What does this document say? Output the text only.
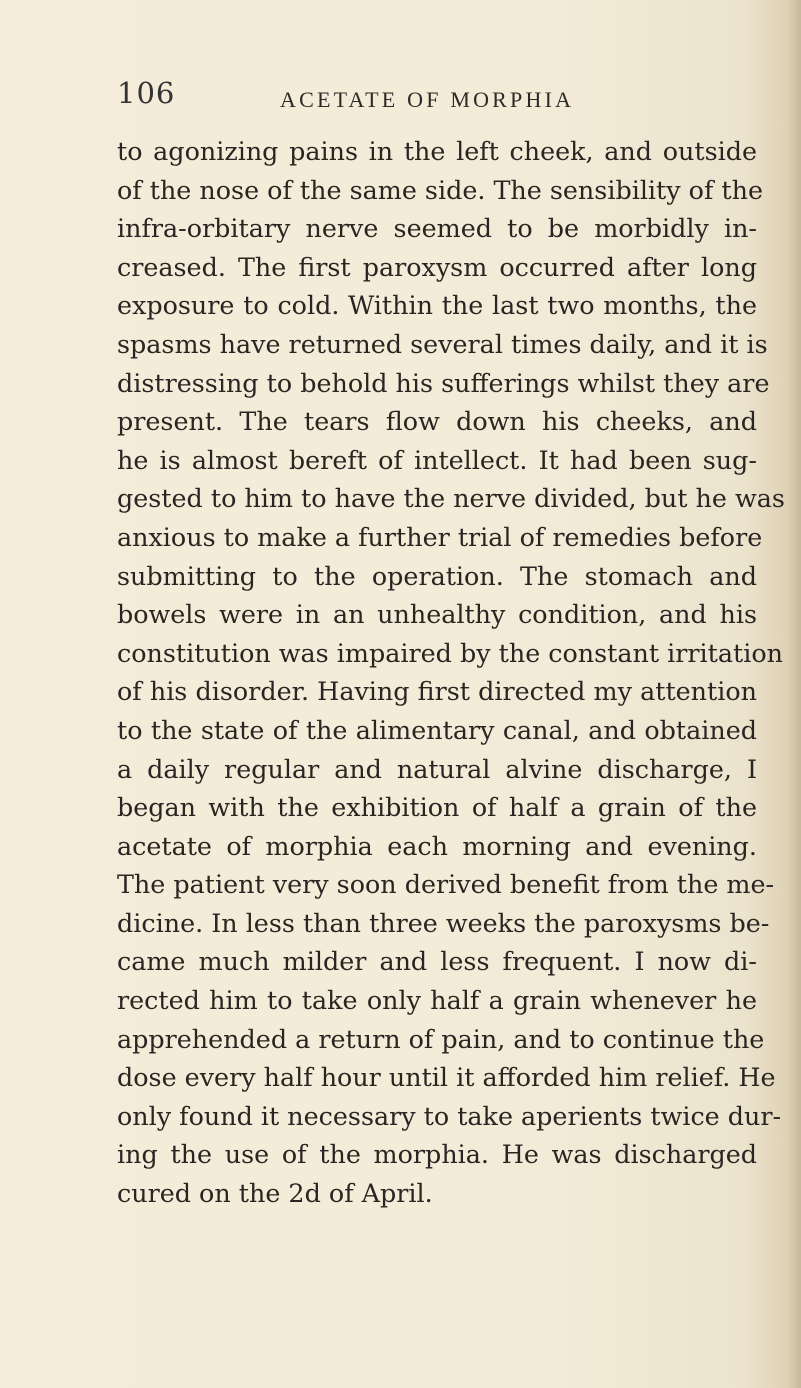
106	ACETATE OF MORPHIA
to agonizing pains in the left cheek, and outside
of the nose of the same side. The sensibility of the
infra-orbitary nerve seemed to be morbidly in-
creased. The first paroxysm occurred after long
exposure to cold. Within the last two months, the
spasms have returned several times daily, and it is
distressing to behold his sufferings whilst they are
present. The tears flow down his cheeks, and
he is almost bereft of intellect. It had been sug-
gested to him to have the nerve divided, but he was
anxious to make a further trial of remedies before
submitting to the operation. The stomach and
bowels were in an unhealthy condition, and his
constitution was impaired by the constant irritation
of his disorder. Having first directed my attention
to the state of the alimentary canal, and obtained
a daily regular and natural alvine discharge, I
began with the exhibition of half a grain of the
acetate of morphia each morning and evening.
The patient very soon derived benefit from the me-
dicine. In less than three weeks the paroxysms be-
came much milder and less frequent. I now di-
rected him to take only half a grain whenever he
apprehended a return of pain, and to continue the
dose every half hour until it afforded him relief. He
only found it necessary to take aperients twice dur-
ing the use of the morphia. He was discharged
cured on the 2d of April.
